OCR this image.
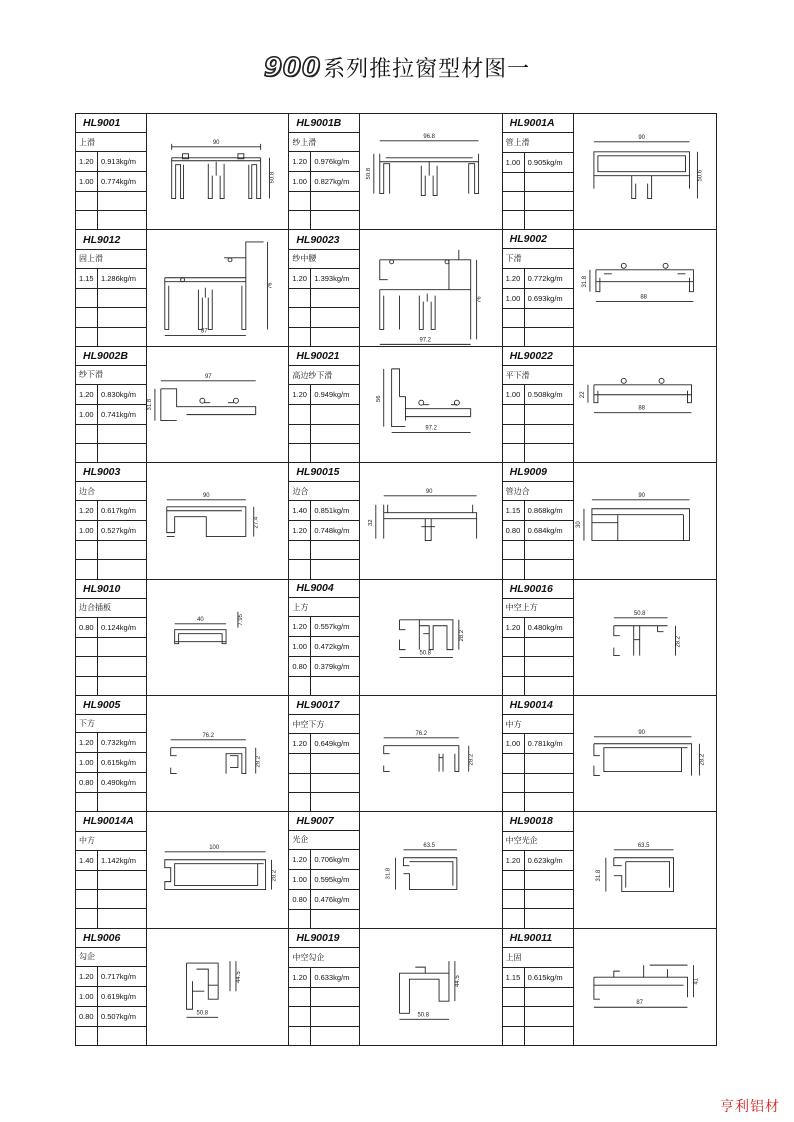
900系列推拉窗型材图一
HL9001
上滑
1.20 0.913kg/m
1.00 0.774kg/m
90
50.8
HL9001B
纱上滑
1.20 0.976kg/m
1.00 0.827kg/m
96.8
50.8
HL9001A
管上滑
1.00 0.905kg/m
90
50.6
HL9012
固上滑
1.15 1.286kg/m
87
76
HL90023
纱中腰
1.20 1.393kg/m
97.2
76
HL9002
下滑
1.20 0.772kg/m
1.00 0.693kg/m	88
31.8
HL9002B
纱下滑
1.20 0.830kg/m
1.00 0.741kg/m
97
31.8
HL90021
高边纱下滑
1.20 0.949kg/m
97.2
56
HL90022
平下滑
1.00 0.508kg/m
88
22
HL9003
边合
1.20 0.617kg/m
1.00 0.527kg/m
90
27.4
HL90015
边合
1.40 0.851kg/m
1.20 0.748kg/m
90
32
HL9009
管边合
1.15 0.868kg/m
0.80 0.684kg/m
90
30
HL9010
边合插板
0.80 0.124kg/m
40	7.95
HL9004
上方
1.20 0.557kg/m
1.00 0.472kg/m
0.80 0.379kg/m
50.8
28.2
HL90016
中空上方
1.20 0.480kg/m
50.8
28.2
HL9005
下方
1.20 0.732kg/m
1.00 0.615kg/m
0.80 0.490kg/m
76.2
28.2
HL90017
中空下方
1.20 0.649kg/m
76.2
28.2
HL90014
中方
1.00 0.781kg/m
90
28.2
HL90014A
中方
1.40 1.142kg/m
100
28.2
HL9007
光企
1.20 0.706kg/m
1.00 0.595kg/m
0.80 0.476kg/m
63.5
31.8
HL90018
中空光企
1.20 0.623kg/m
63.5
31.8
HL9006
勾企
1.20 0.717kg/m
1.00 0.619kg/m
0.80 0.507kg/m	50.8
44.5
HL90019
中空勾企
1.20 0.633kg/m
50.8
44.5
HL90011
上固
1.15 0.615kg/m
87
41
亨利铝材
